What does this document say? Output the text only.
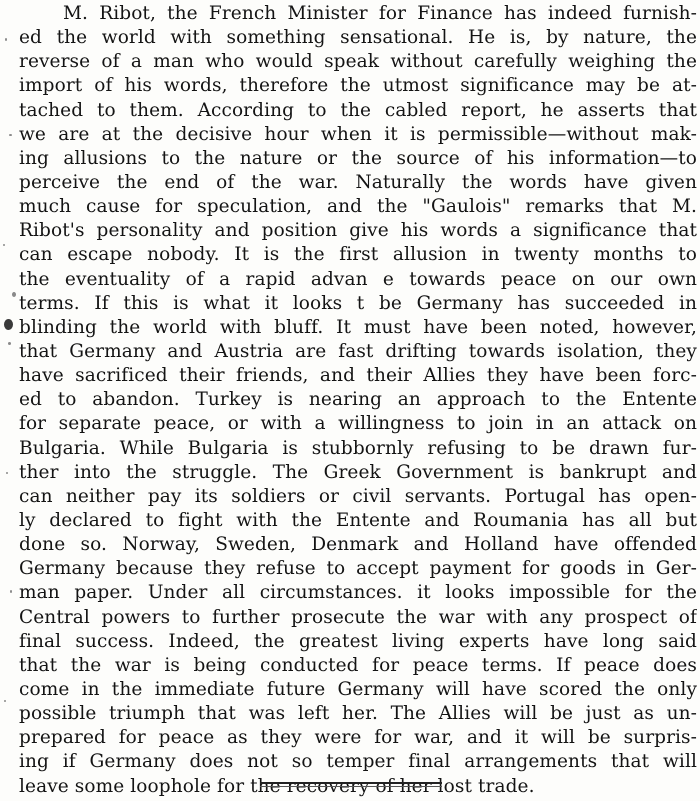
M. Ribot, the French Minister for Finance has indeed furnish-
ed the world with something sensational. He is, by nature, the
reverse of a man who would speak without carefully weighing the
import of his words, therefore the utmost significance may be at-
tached to them. According to the cabled report, he asserts that
we are at the decisive hour when it is permissible—without mak-
ing allusions to the nature or the source of his information—to
perceive the end of the war. Naturally the words have given
much cause for speculation, and the "Gaulois" remarks that M.
Ribot's personality and position give his words a significance that
can escape nobody. It is the first allusion in twenty months to
the eventuality of a rapid advan e towards peace on our own
terms. If this is what it looks t be Germany has succeeded in
blinding the world with bluff. It must have been noted, however,
that Germany and Austria are fast drifting towards isolation, they
have sacrificed their friends, and their Allies they have been forc-
ed to abandon. Turkey is nearing an approach to the Entente
for separate peace, or with a willingness to join in an attack on
Bulgaria. While Bulgaria is stubbornly refusing to be drawn fur-
ther into the struggle. The Greek Government is bankrupt and
can neither pay its soldiers or civil servants. Portugal has open-
ly declared to fight with the Entente and Roumania has all but
done so. Norway, Sweden, Denmark and Holland have offended
Germany because they refuse to accept payment for goods in Ger-
man paper. Under all circumstances. it looks impossible for the
Central powers to further prosecute the war with any prospect of
final success. Indeed, the greatest living experts have long said
that the war is being conducted for peace terms. If peace does
come in the immediate future Germany will have scored the only
possible triumph that was left her. The Allies will be just as un-
prepared for peace as they were for war, and it will be surpris-
ing if Germany does not so temper final arrangements that will
leave some loophole for the recovery of her lost trade.
